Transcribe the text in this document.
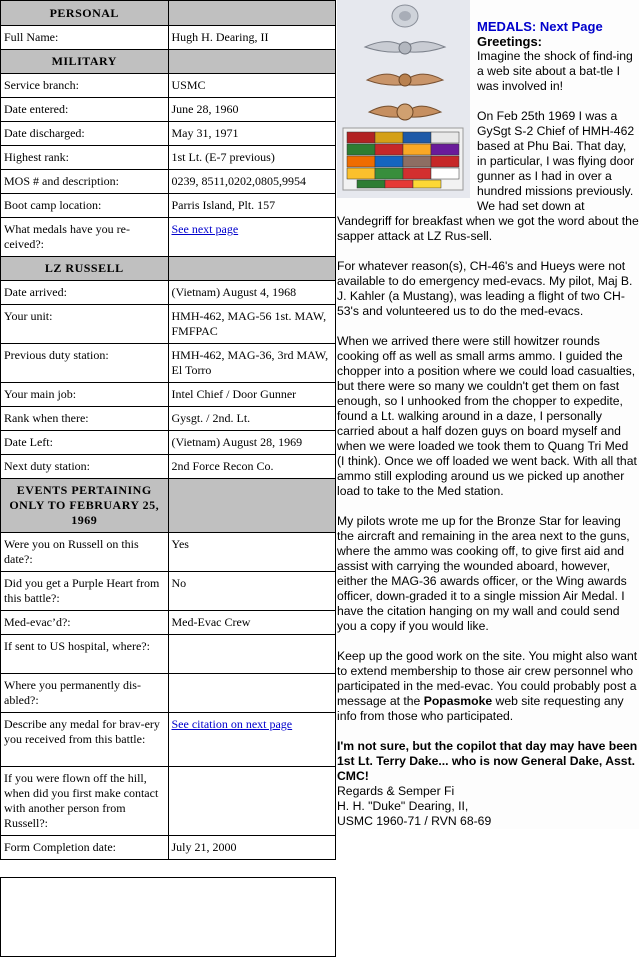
PERSONAL	
Full Name:	Hugh H. Dearing, II
MILITARY	
Service branch:	USMC
Date entered:	June 28, 1960
Date discharged:	May 31, 1971
Highest rank:	1st Lt. (E-7 previous)
MOS # and description:	0239, 8511,0202,0805,9954
Boot camp location:	Parris Island, Plt. 157
What medals have you re-ceived?:	See next page
LZ RUSSELL	
Date arrived:	(Vietnam) August 4, 1968
Your unit:	HMH-462, MAG-56 1st. MAW, FMFPAC
Previous duty station:	HMH-462, MAG-36, 3rd MAW, El Torro
Your main job:	Intel Chief / Door Gunner
Rank when there:	Gysgt. / 2nd. Lt.
Date Left:	(Vietnam) August 28, 1969
Next duty station:	2nd Force Recon Co.
EVENTS PERTAINING ONLY TO FEBRUARY 25, 1969	
Were you on Russell on this date?:	Yes
Did you get a Purple Heart from this battle?:	No
Med-evac’d?:	Med-Evac Crew
If sent to US hospital, where?:	
Where you permanently dis-abled?:	
Describe any medal for brav-ery you received from this battle:	See citation on next page
If you were flown off the hill, when did you first make contact with another person from Russell?:	
Form Completion date:	July 21, 2000
MEDALS: Next Page
Greetings:

Imagine the shock of find-ing a web site about a bat-tle I was involved in!

On Feb 25th 1969 I was a GySgt S-2 Chief of HMH-462 based at Phu Bai. That day, in particular, I was flying door gunner as I had in over a hundred missions previously. We had set down at Vandegriff for breakfast when we got the word about the sapper attack at LZ Rus-sell.

For whatever reason(s), CH-46's and Hueys were not available to do emergency med-evacs. My pilot, Maj B. J. Kahler (a Mustang), was leading a flight of two CH-53's and volunteered us to do the med-evacs.

When we arrived there were still howitzer rounds cooking off as well as small arms ammo. I guided the chopper into a position where we could load casualties, but there were so many we couldn't get them on fast enough, so I unhooked from the chopper to expedite, found a Lt. walking around in a daze, I personally carried about a half dozen guys on board myself and when we were loaded we took them to Quang Tri Med (I think). Once we off loaded we went back. With all that ammo still exploding around us we picked up another load to take to the Med station.

My pilots wrote me up for the Bronze Star for leaving the aircraft and remaining in the area next to the guns, where the ammo was cooking off, to give first aid and assist with carrying the wounded aboard, however, either the MAG-36 awards officer, or the Wing awards officer, down-graded it to a single mission Air Medal. I have the citation hanging on my wall and could send you a copy if you would like.

Keep up the good work on the site. You might also want to extend membership to those air crew personnel who participated in the med-evac. You could probably post a message at the Popasmoke web site requesting any info from those who participated.

I'm not sure, but the copilot that day may have been 1st Lt. Terry Dake... who is now General Dake, Asst. CMC!
Regards & Semper Fi
H. H. "Duke" Dearing, II,
USMC 1960-71 / RVN 68-69
